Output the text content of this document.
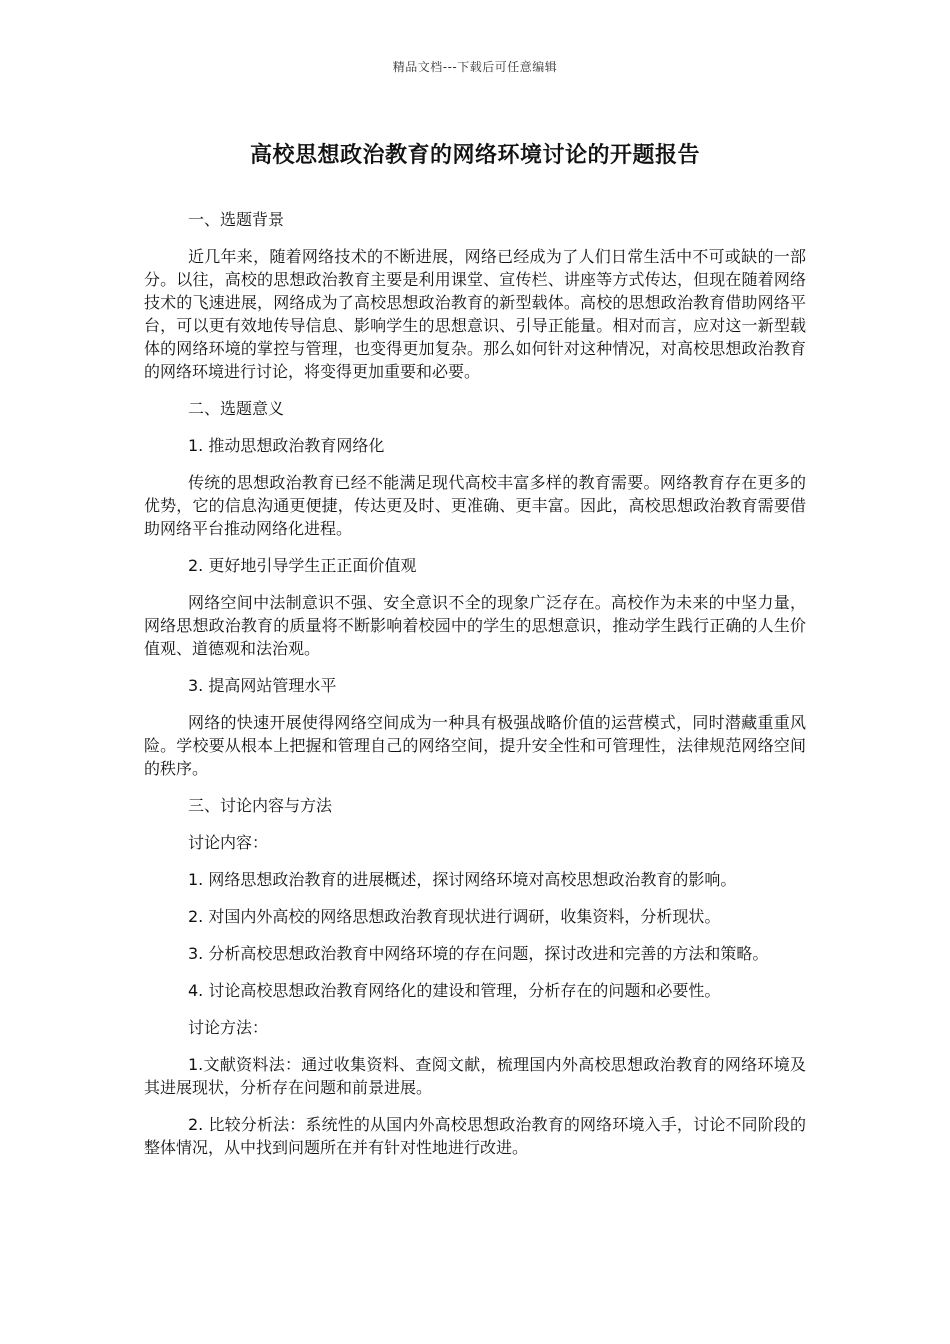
精品文档---下载后可任意编辑
高校思想政治教育的网络环境讨论的开题报告

一、选题背景

近几年来，随着网络技术的不断进展，网络已经成为了人们日常生活中不可或缺的一部分。以往，高校的思想政治教育主要是利用课堂、宣传栏、讲座等方式传达，但现在随着网络技术的飞速进展，网络成为了高校思想政治教育的新型载体。高校的思想政治教育借助网络平台，可以更有效地传导信息、影响学生的思想意识、引导正能量。相对而言，应对这一新型载体的网络环境的掌控与管理，也变得更加复杂。那么如何针对这种情况，对高校思想政治教育的网络环境进行讨论，将变得更加重要和必要。

二、选题意义

1. 推动思想政治教育网络化

传统的思想政治教育已经不能满足现代高校丰富多样的教育需要。网络教育存在更多的优势，它的信息沟通更便捷，传达更及时、更准确、更丰富。因此，高校思想政治教育需要借助网络平台推动网络化进程。

2. 更好地引导学生正正面价值观

网络空间中法制意识不强、安全意识不全的现象广泛存在。高校作为未来的中坚力量，网络思想政治教育的质量将不断影响着校园中的学生的思想意识，推动学生践行正确的人生价值观、道德观和法治观。

3. 提高网站管理水平

网络的快速开展使得网络空间成为一种具有极强战略价值的运营模式，同时潜藏重重风险。学校要从根本上把握和管理自己的网络空间，提升安全性和可管理性，法律规范网络空间的秩序。

三、讨论内容与方法

讨论内容：

1. 网络思想政治教育的进展概述，探讨网络环境对高校思想政治教育的影响。

2. 对国内外高校的网络思想政治教育现状进行调研，收集资料，分析现状。

3. 分析高校思想政治教育中网络环境的存在问题，探讨改进和完善的方法和策略。

4. 讨论高校思想政治教育网络化的建设和管理，分析存在的问题和必要性。

讨论方法：

1.文献资料法：通过收集资料、查阅文献，梳理国内外高校思想政治教育的网络环境及其进展现状，分析存在问题和前景进展。

2. 比较分析法：系统性的从国内外高校思想政治教育的网络环境入手，讨论不同阶段的整体情况，从中找到问题所在并有针对性地进行改进。
